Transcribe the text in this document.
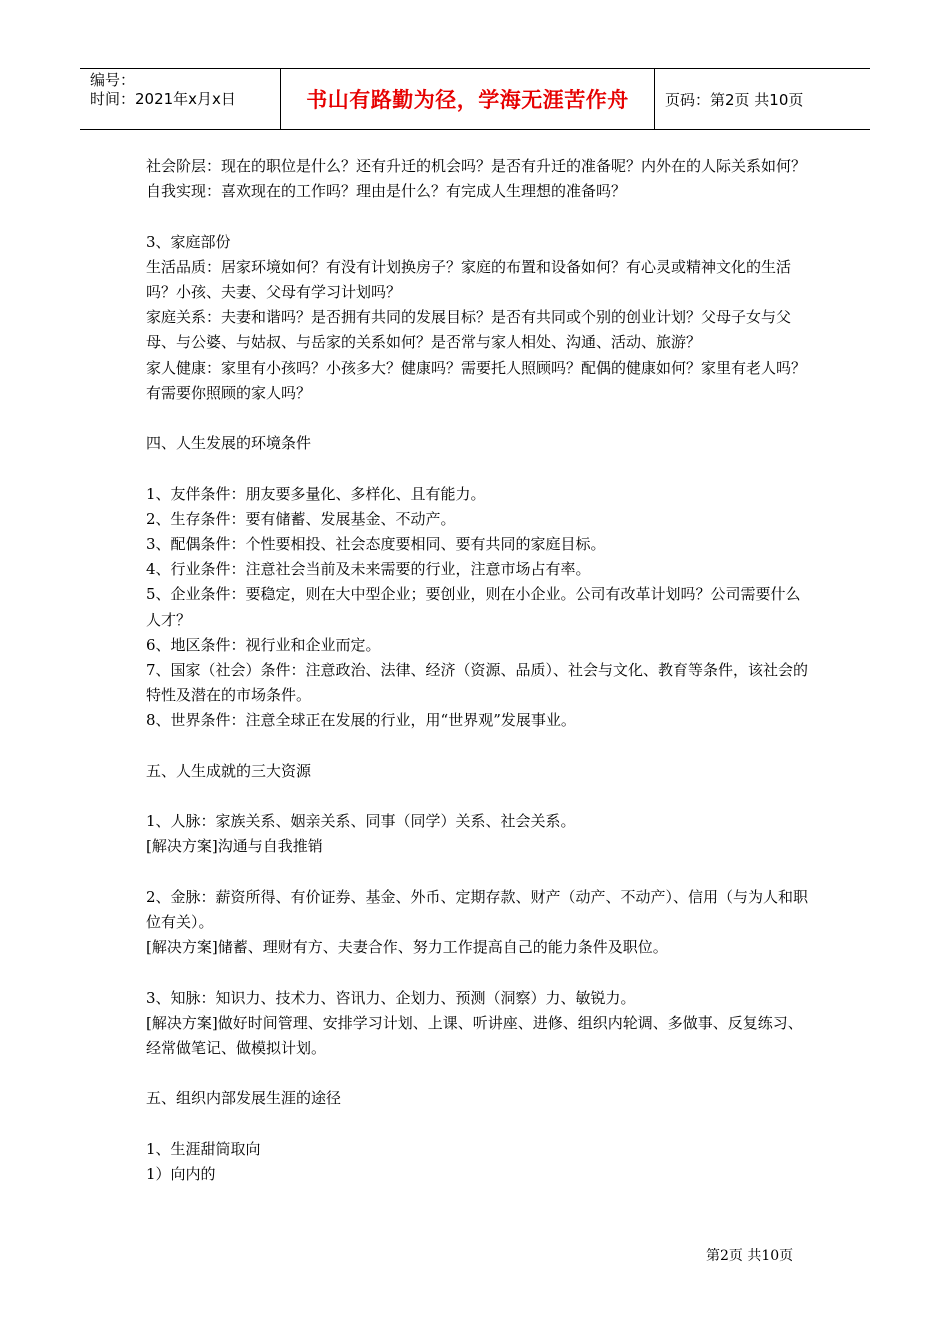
编号：
时间：2021年x月x日	书山有路勤为径，学海无涯苦作舟	页码：第2页 共10页

社会阶层：现在的职位是什么？还有升迁的机会吗？是否有升迁的准备呢？内外在的人际关系如何？

自我实现：喜欢现在的工作吗？理由是什么？有完成人生理想的准备吗？

3、家庭部份

生活品质：居家环境如何？有没有计划换房子？家庭的布置和设备如何？有心灵或精神文化的生活吗？小孩、夫妻、父母有学习计划吗？

家庭关系：夫妻和谐吗？是否拥有共同的发展目标？是否有共同或个别的创业计划？父母子女与父母、与公婆、与姑叔、与岳家的关系如何？是否常与家人相处、沟通、活动、旅游？

家人健康：家里有小孩吗？小孩多大？健康吗？需要托人照顾吗？配偶的健康如何？家里有老人吗？有需要你照顾的家人吗？

四、人生发展的环境条件

1、友伴条件：朋友要多量化、多样化、且有能力。

2、生存条件：要有储蓄、发展基金、不动产。

3、配偶条件：个性要相投、社会态度要相同、要有共同的家庭目标。

4、行业条件：注意社会当前及未来需要的行业，注意市场占有率。

5、企业条件：要稳定，则在大中型企业；要创业，则在小企业。公司有改革计划吗？公司需要什么人才？

6、地区条件：视行业和企业而定。

7、国家（社会）条件：注意政治、法律、经济（资源、品质）、社会与文化、教育等条件，该社会的特性及潜在的市场条件。

8、世界条件：注意全球正在发展的行业，用“世界观”发展事业。

五、人生成就的三大资源

1、人脉：家族关系、姻亲关系、同事（同学）关系、社会关系。

[解决方案]沟通与自我推销

2、金脉：薪资所得、有价证券、基金、外币、定期存款、财产（动产、不动产）、信用（与为人和职位有关）。

[解决方案]储蓄、理财有方、夫妻合作、努力工作提高自己的能力条件及职位。

3、知脉：知识力、技术力、咨讯力、企划力、预测（洞察）力、敏锐力。

[解决方案]做好时间管理、安排学习计划、上课、听讲座、进修、组织内轮调、多做事、反复练习、经常做笔记、做模拟计划。

五、组织内部发展生涯的途径

1、生涯甜筒取向

1）向内的

第2页 共10页
